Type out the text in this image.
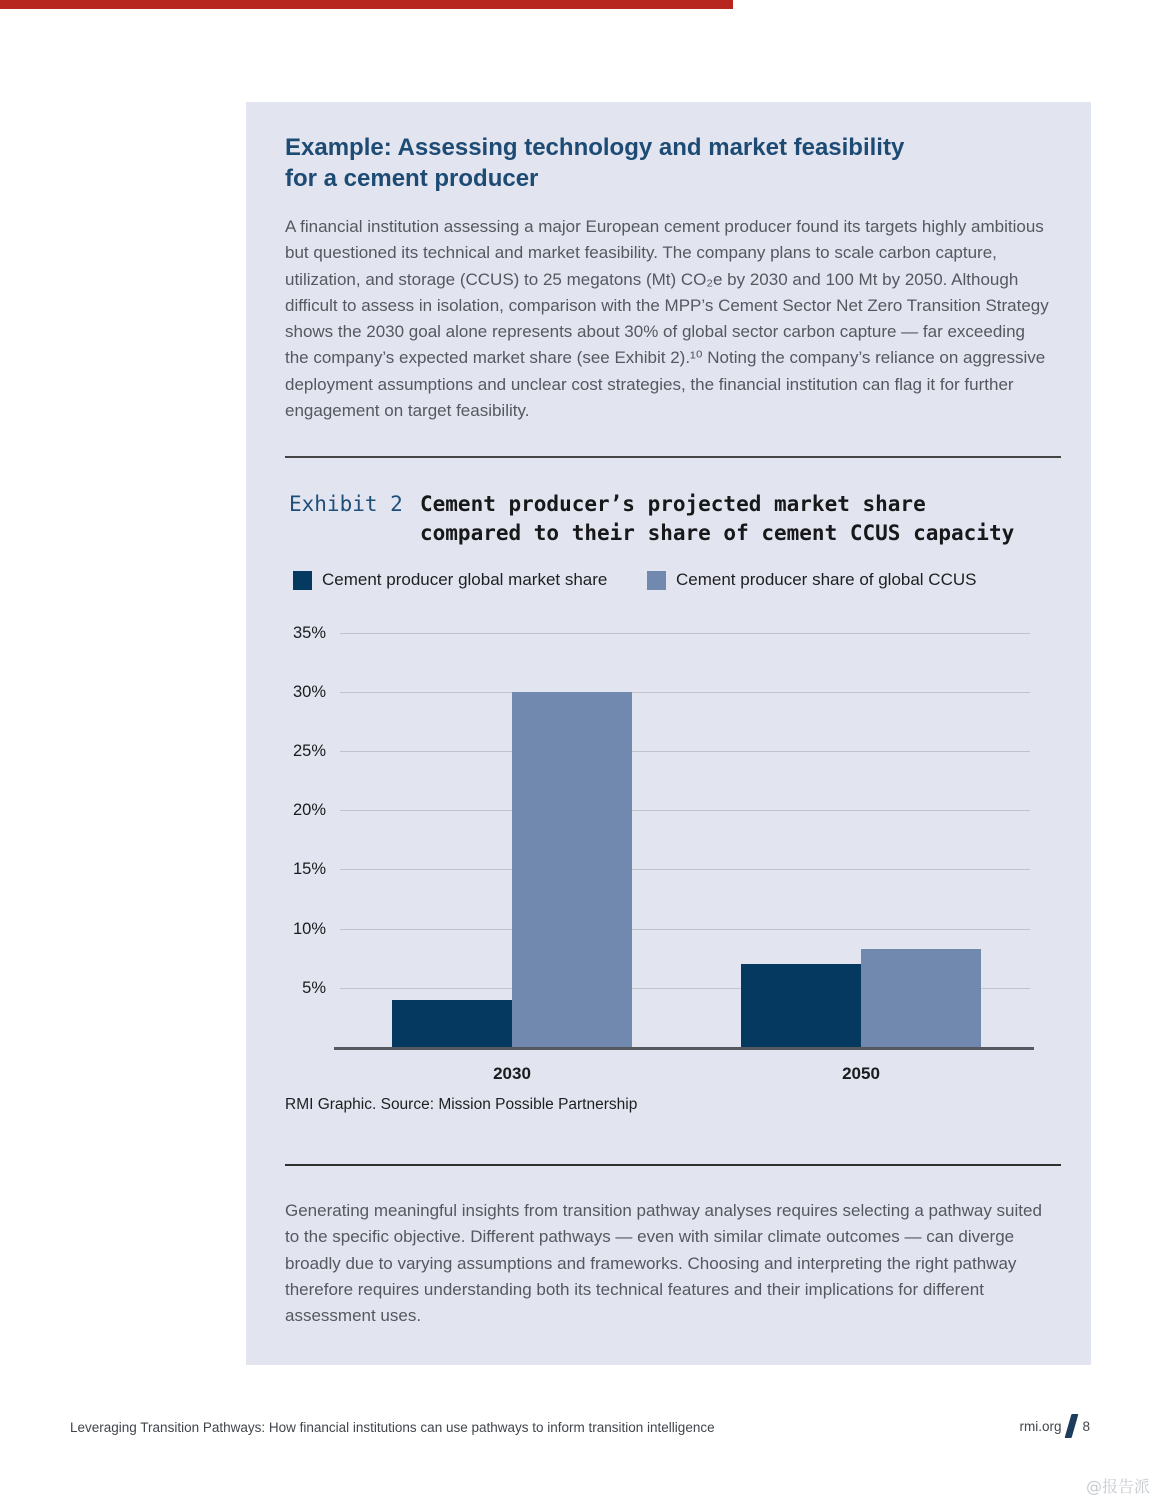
Example: Assessing technology and market feasibility
for a cement producer

A financial institution assessing a major European cement producer found its targets highly ambitious but questioned its technical and market feasibility. The company plans to scale carbon capture, utilization, and storage (CCUS) to 25 megatons (Mt) CO₂e by 2030 and 100 Mt by 2050. Although difficult to assess in isolation, comparison with the MPP’s Cement Sector Net Zero Transition Strategy shows the 2030 goal alone represents about 30% of global sector carbon capture — far exceeding the company’s expected market share (see Exhibit 2).¹⁰ Noting the company’s reliance on aggressive deployment assumptions and unclear cost strategies, the financial institution can flag it for further engagement on target feasibility.

Exhibit 2 Cement producer’s projected market share
compared to their share of cement CCUS capacity
Cement producer global market share	Cement producer share of global CCUS
5%
10%
15%
20%
25%
30%
35%
2030	2050

RMI Graphic. Source: Mission Possible Partnership

Generating meaningful insights from transition pathway analyses requires selecting a pathway suited to the specific objective. Different pathways — even with similar climate outcomes — can diverge broadly due to varying assumptions and frameworks. Choosing and interpreting the right pathway therefore requires understanding both its technical features and their implications for different assessment uses.

Leveraging Transition Pathways: How financial institutions can use pathways to inform transition intelligence	rmi.org 8
@报告派
